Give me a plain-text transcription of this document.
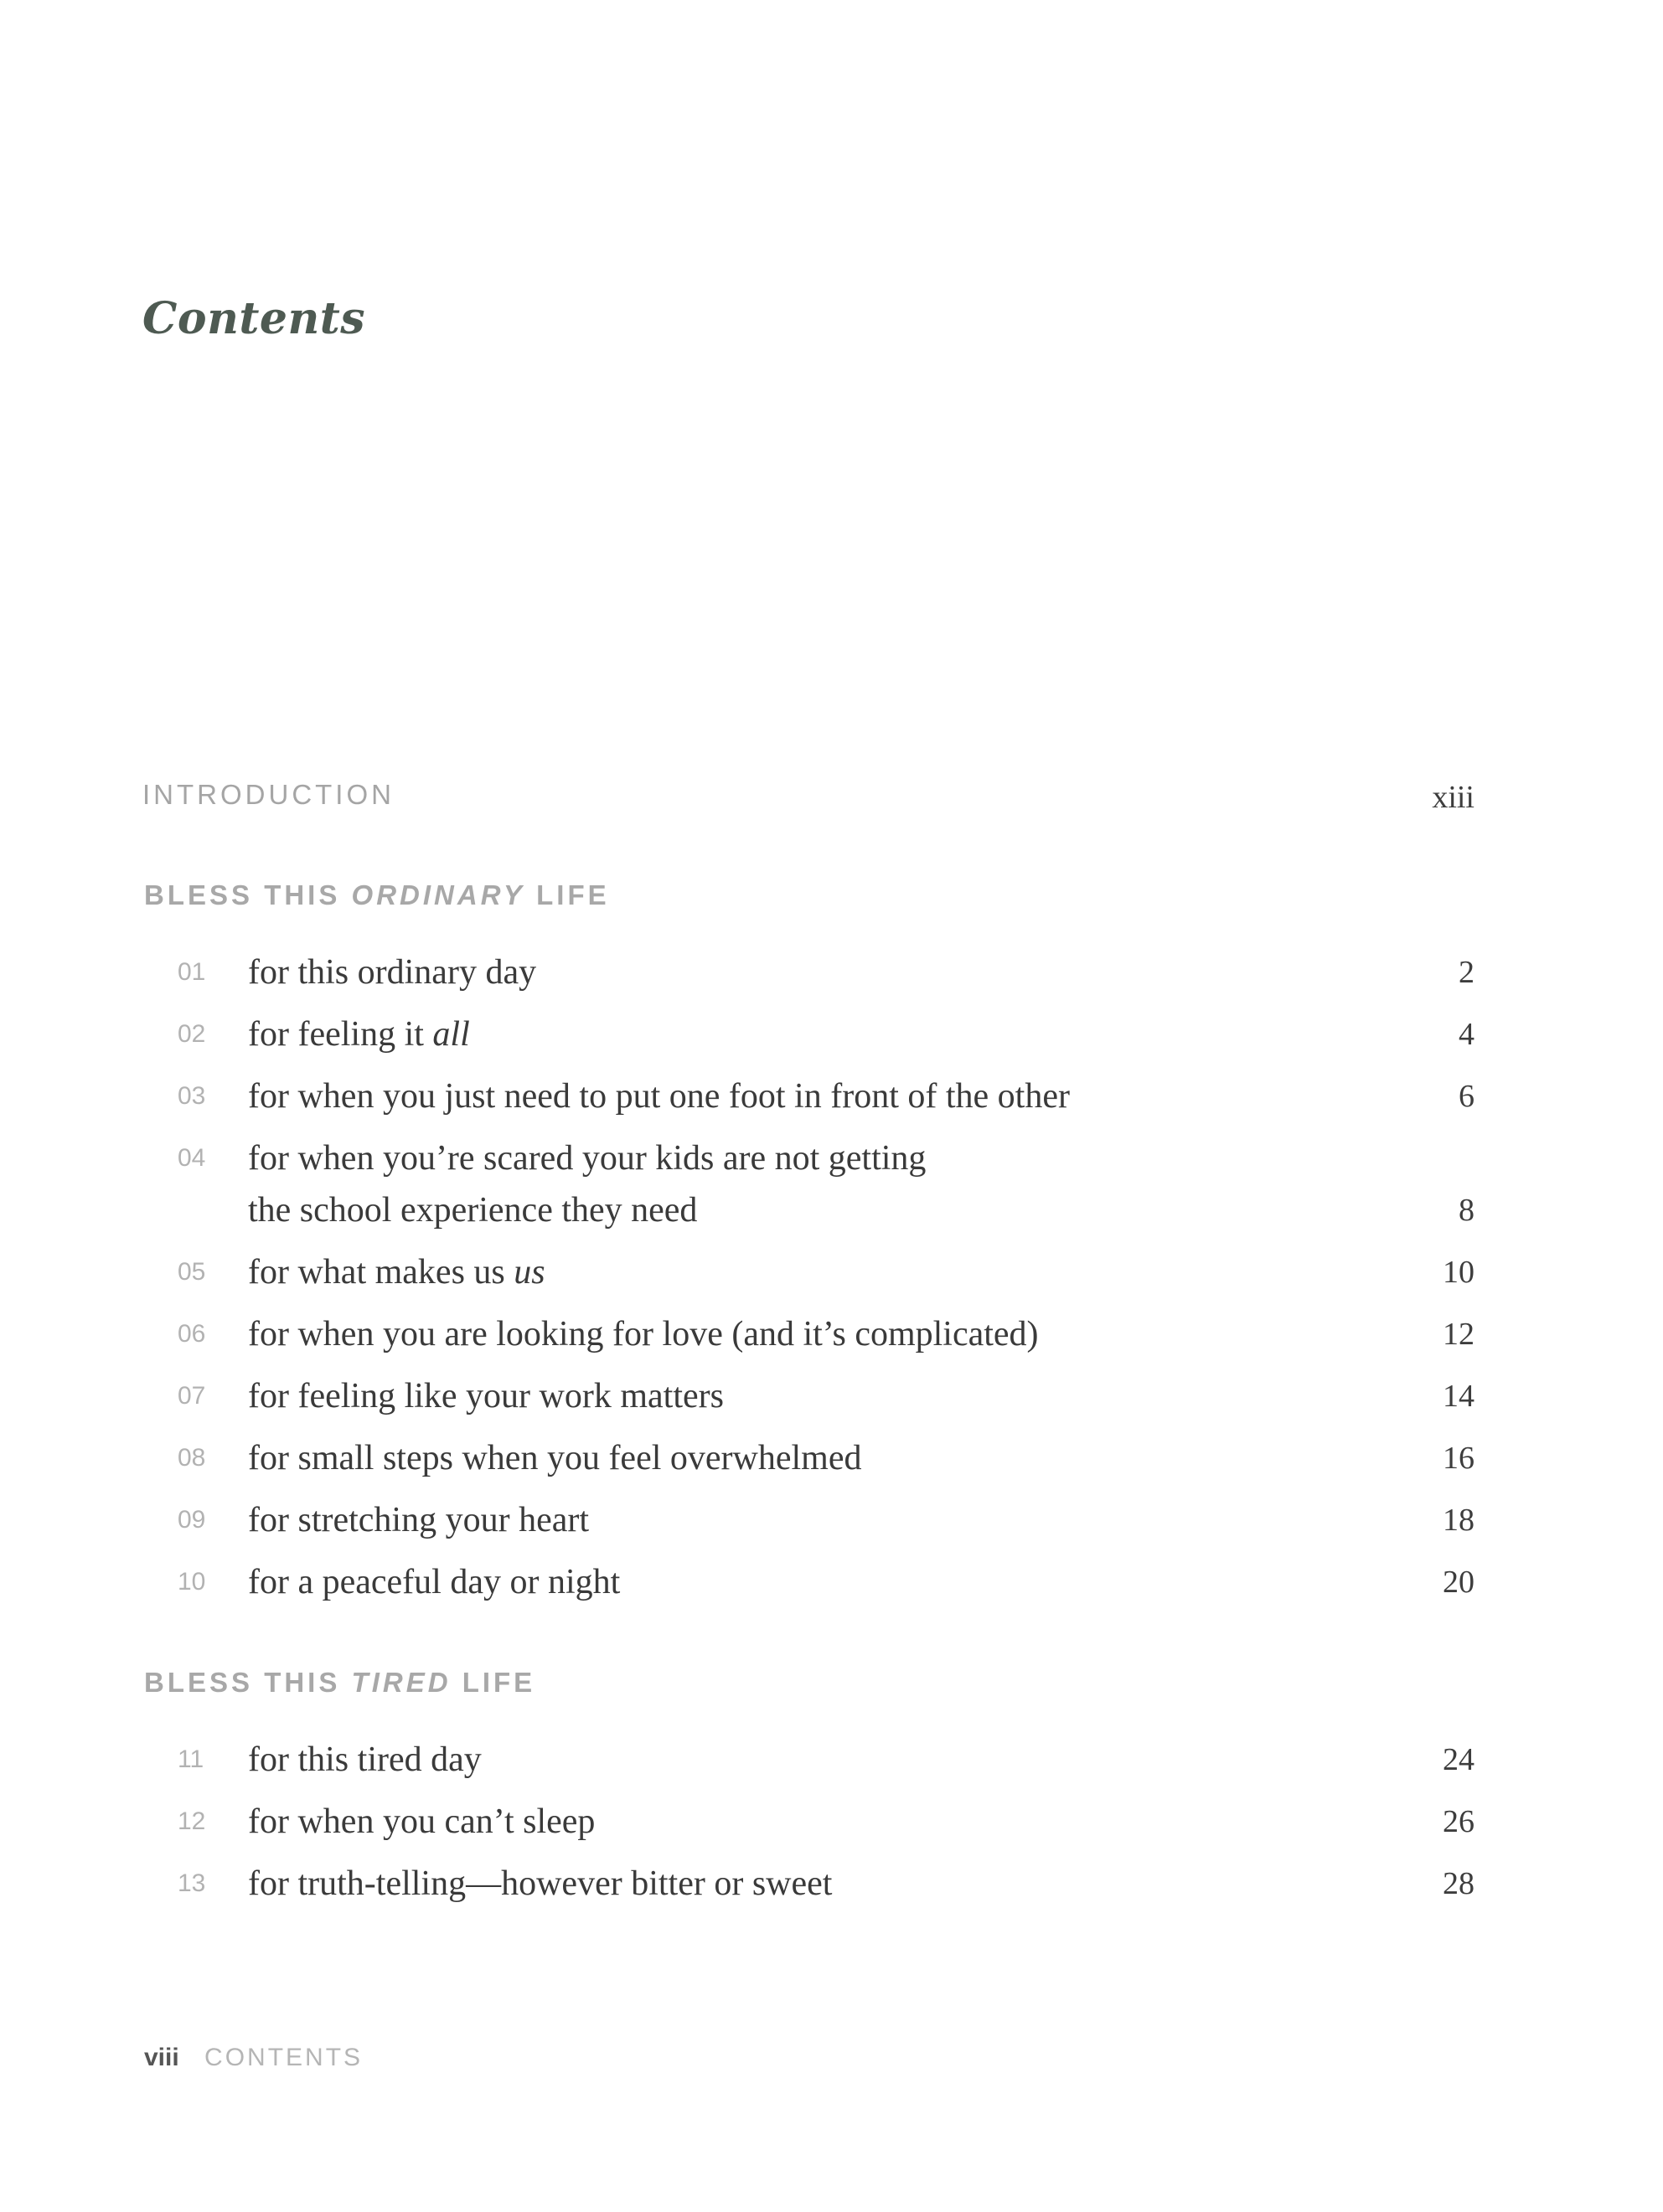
Contents
INTRODUCTION	xiii
BLESS THIS ORDINARY LIFE
01 for this ordinary day	2
02 for feeling it all	4
03 for when you just need to put one foot in front of the other	6
04 for when you’re scared your kids are not getting
the school experience they need	8
05 for what makes us us	10
06 for when you are looking for love (and it’s complicated)	12
07 for feeling like your work matters	14
08 for small steps when you feel overwhelmed	16
09 for stretching your heart	18
10 for a peaceful day or night	20
BLESS THIS TIRED LIFE
11 for this tired day	24
12 for when you can’t sleep	26
13 for truth-telling—however bitter or sweet	28
viii CONTENTS
